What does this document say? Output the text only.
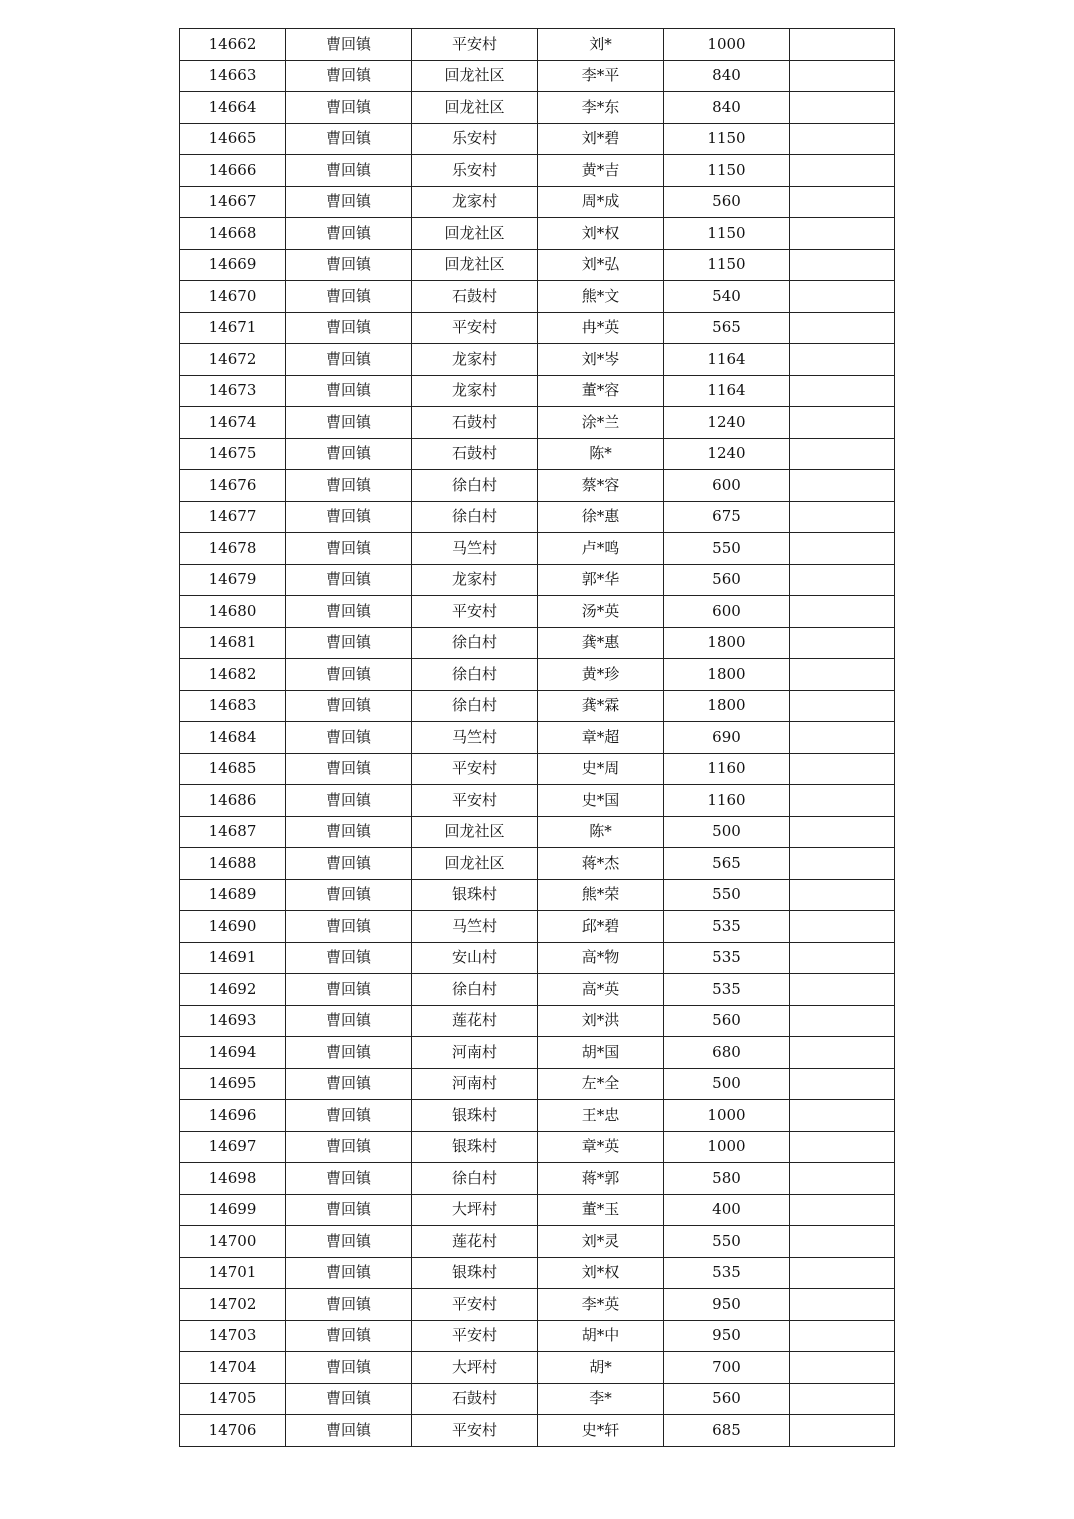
14662	曹回镇	平安村	刘*	1000	
14663	曹回镇	回龙社区	李*平	840	
14664	曹回镇	回龙社区	李*东	840	
14665	曹回镇	乐安村	刘*碧	1150	
14666	曹回镇	乐安村	黄*吉	1150	
14667	曹回镇	龙家村	周*成	560	
14668	曹回镇	回龙社区	刘*权	1150	
14669	曹回镇	回龙社区	刘*弘	1150	
14670	曹回镇	石鼓村	熊*文	540	
14671	曹回镇	平安村	冉*英	565	
14672	曹回镇	龙家村	刘*岑	1164	
14673	曹回镇	龙家村	董*容	1164	
14674	曹回镇	石鼓村	涂*兰	1240	
14675	曹回镇	石鼓村	陈*	1240	
14676	曹回镇	徐白村	蔡*容	600	
14677	曹回镇	徐白村	徐*惠	675	
14678	曹回镇	马竺村	卢*鸣	550	
14679	曹回镇	龙家村	郭*华	560	
14680	曹回镇	平安村	汤*英	600	
14681	曹回镇	徐白村	龚*惠	1800	
14682	曹回镇	徐白村	黄*珍	1800	
14683	曹回镇	徐白村	龚*霖	1800	
14684	曹回镇	马竺村	章*超	690	
14685	曹回镇	平安村	史*周	1160	
14686	曹回镇	平安村	史*国	1160	
14687	曹回镇	回龙社区	陈*	500	
14688	曹回镇	回龙社区	蒋*杰	565	
14689	曹回镇	银珠村	熊*荣	550	
14690	曹回镇	马竺村	邱*碧	535	
14691	曹回镇	安山村	高*物	535	
14692	曹回镇	徐白村	高*英	535	
14693	曹回镇	莲花村	刘*洪	560	
14694	曹回镇	河南村	胡*国	680	
14695	曹回镇	河南村	左*全	500	
14696	曹回镇	银珠村	王*忠	1000	
14697	曹回镇	银珠村	章*英	1000	
14698	曹回镇	徐白村	蒋*郭	580	
14699	曹回镇	大坪村	董*玉	400	
14700	曹回镇	莲花村	刘*灵	550	
14701	曹回镇	银珠村	刘*权	535	
14702	曹回镇	平安村	李*英	950	
14703	曹回镇	平安村	胡*中	950	
14704	曹回镇	大坪村	胡*	700	
14705	曹回镇	石鼓村	李*	560	
14706	曹回镇	平安村	史*轩	685	
